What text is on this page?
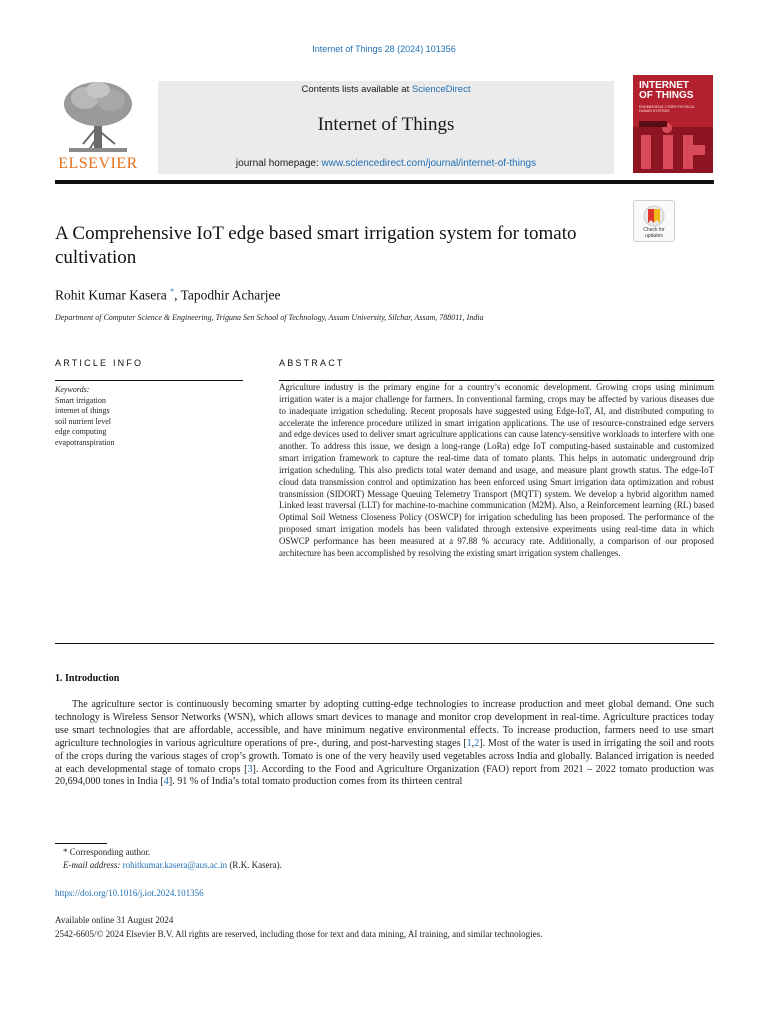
Internet of Things 28 (2024) 101356
ELSEVIER
Contents lists available at ScienceDirect
Internet of Things
journal homepage: www.sciencedirect.com/journal/internet-of-things
INTERNET
OF THINGS
ENGINEERING CYBER PHYSICAL HUMAN SYSTEMS
A Comprehensive IoT edge based smart irrigation system for tomato cultivation
Check for updates
Rohit Kumar Kasera *, Tapodhir Acharjee
Department of Computer Science & Engineering, Triguna Sen School of Technology, Assam University, Silchar, Assam, 788011, India
ARTICLE INFO	ABSTRACT
Keywords:
Smart irrigation
internet of things
soil nutrient level
edge computing
evapotranspiration
Agriculture industry is the primary engine for a country’s economic development. Growing crops using minimum irrigation water is a major challenge for farmers. In conventional farming, crops may be affected by various diseases due to inadequate irrigation scheduling. Recent proposals have suggested using Edge-IoT, AI, and distributed computing to accelerate the inference procedure utilized in smart irrigation applications. The use of resource-constrained edge servers and edge devices used to deliver smart agriculture applications can cause latency-sensitive workloads to interfere with one another. To address this issue, we design a long-range (LoRa) edge IoT computing-based sustainable and customized smart irrigation framework to capture the real-time data of tomato plants. This helps in automatic underground drip irrigation scheduling. This also predicts total water demand and usage, and measure plant growth status. The edge-IoT cloud data transmission control and optimization has been enforced using Smart irrigation data optimization and robust transmission (SIDORT) Message Queuing Telemetry Transport (MQTT) system. We develop a hybrid algorithm named Linked least traversal (LLT) for machine-to-machine communication (M2M). Also, a Reinforcement learning (RL) based Optimal Soil Wetness Closeness Policy (OSWCP) for irrigation scheduling has been proposed. The performance of the proposed smart irrigation models has been validated through extensive experiments using real-time data in which OSWCP performance has been measured at a 97.88 % accuracy rate. Additionally, a comparison of our proposed architecture has been accomplished by resolving the existing smart irrigation system challenges.
1. Introduction
The agriculture sector is continuously becoming smarter by adopting cutting-edge technologies to increase production and meet global demand. One such technology is Wireless Sensor Networks (WSN), which allows smart devices to manage and monitor crop development in real-time. Agriculture practices today use smart technologies that are affordable, accessible, and have minimum negative environmental effects. To increase production, farmers need to use smart agriculture technologies in various agriculture operations of pre-, during, and post-harvesting stages [1,2]. Most of the water is used in irrigating the soil and roots of the crops during the various stages of crop’s growth. Tomato is one of the very heavily used vegetables across India and globally. Balanced irrigation is needed at each developmental stage of tomato crops [3]. According to the Food and Agriculture Organization (FAO) report from 2021 – 2022 tomato production was 20,694,000 tones in India [4]. 91 % of India’s total tomato production comes from its thirteen central
* Corresponding author.
E-mail address: rohitkumar.kasera@aus.ac.in (R.K. Kasera).
https://doi.org/10.1016/j.iot.2024.101356
Available online 31 August 2024
2542-6605/© 2024 Elsevier B.V. All rights are reserved, including those for text and data mining, AI training, and similar technologies.
